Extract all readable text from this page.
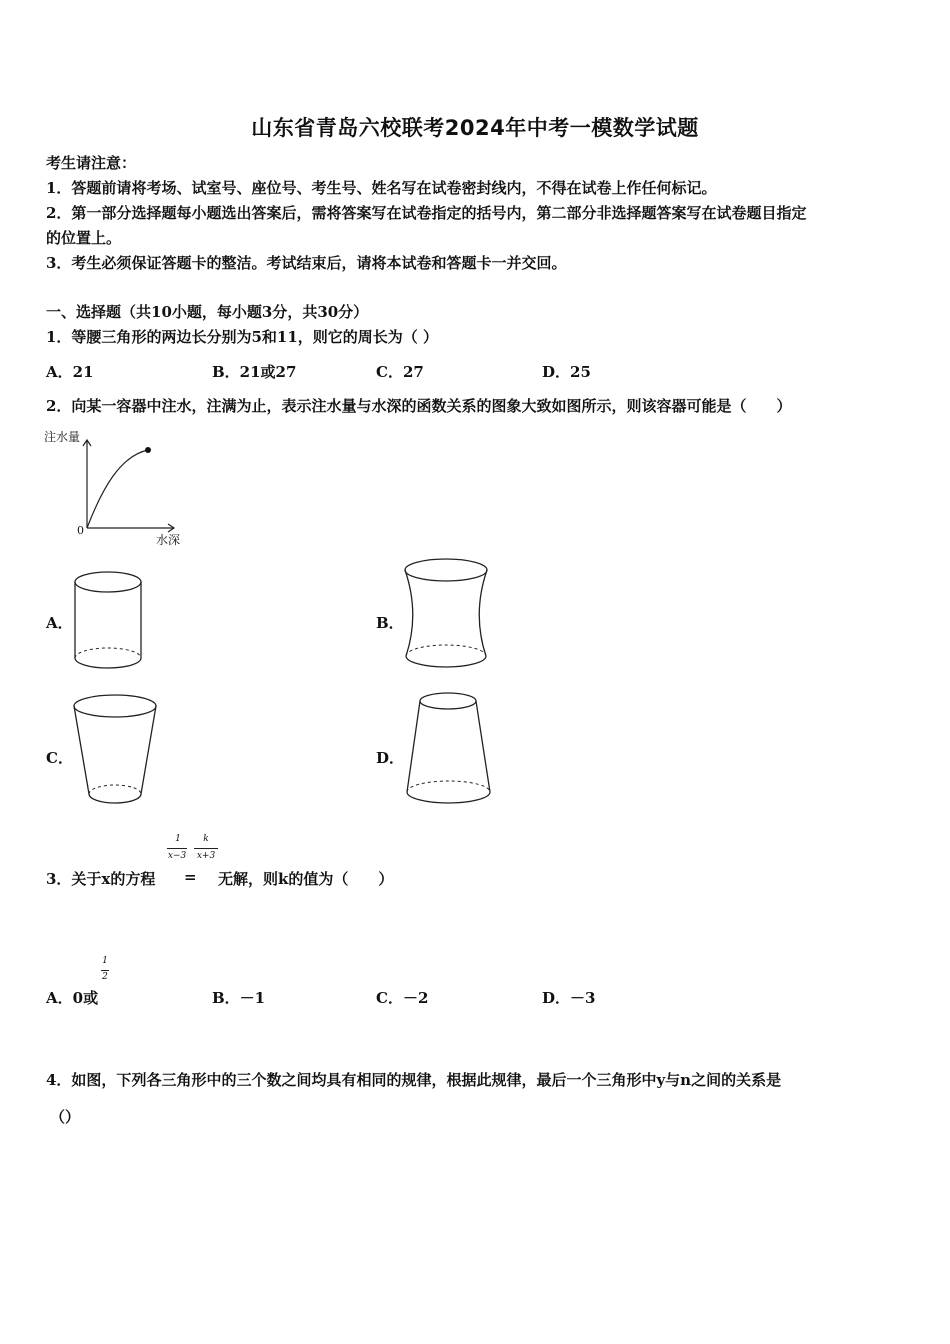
山东省青岛六校联考2024年中考一模数学试题
考生请注意：
1．答题前请将考场、试室号、座位号、考生号、姓名写在试卷密封线内，不得在试卷上作任何标记。
2．第一部分选择题每小题选出答案后，需将答案写在试卷指定的括号内，第二部分非选择题答案写在试卷题目指定
的位置上。
3．考生必须保证答题卡的整洁。考试结束后，请将本试卷和答题卡一并交回。
一、选择题（共10小题，每小题3分，共30分）
1．等腰三角形的两边长分别为5和11，则它的周长为（ ）
A．21	B．21或27	C．27	D．25
2．向某一容器中注水，注满为止，表示注水量与水深的函数关系的图象大致如图所示，则该容器可能是（　　）
注水量
水深
0
A．	B．
C．	D．
3．关于x的方程
1
x−3
k
x+3
= 无解，则k的值为（　　）
1
2
A．0或	B．－1	C．－2	D．－3
4．如图，下列各三角形中的三个数之间均具有相同的规律，根据此规律，最后一个三角形中y与n之间的关系是
（）
